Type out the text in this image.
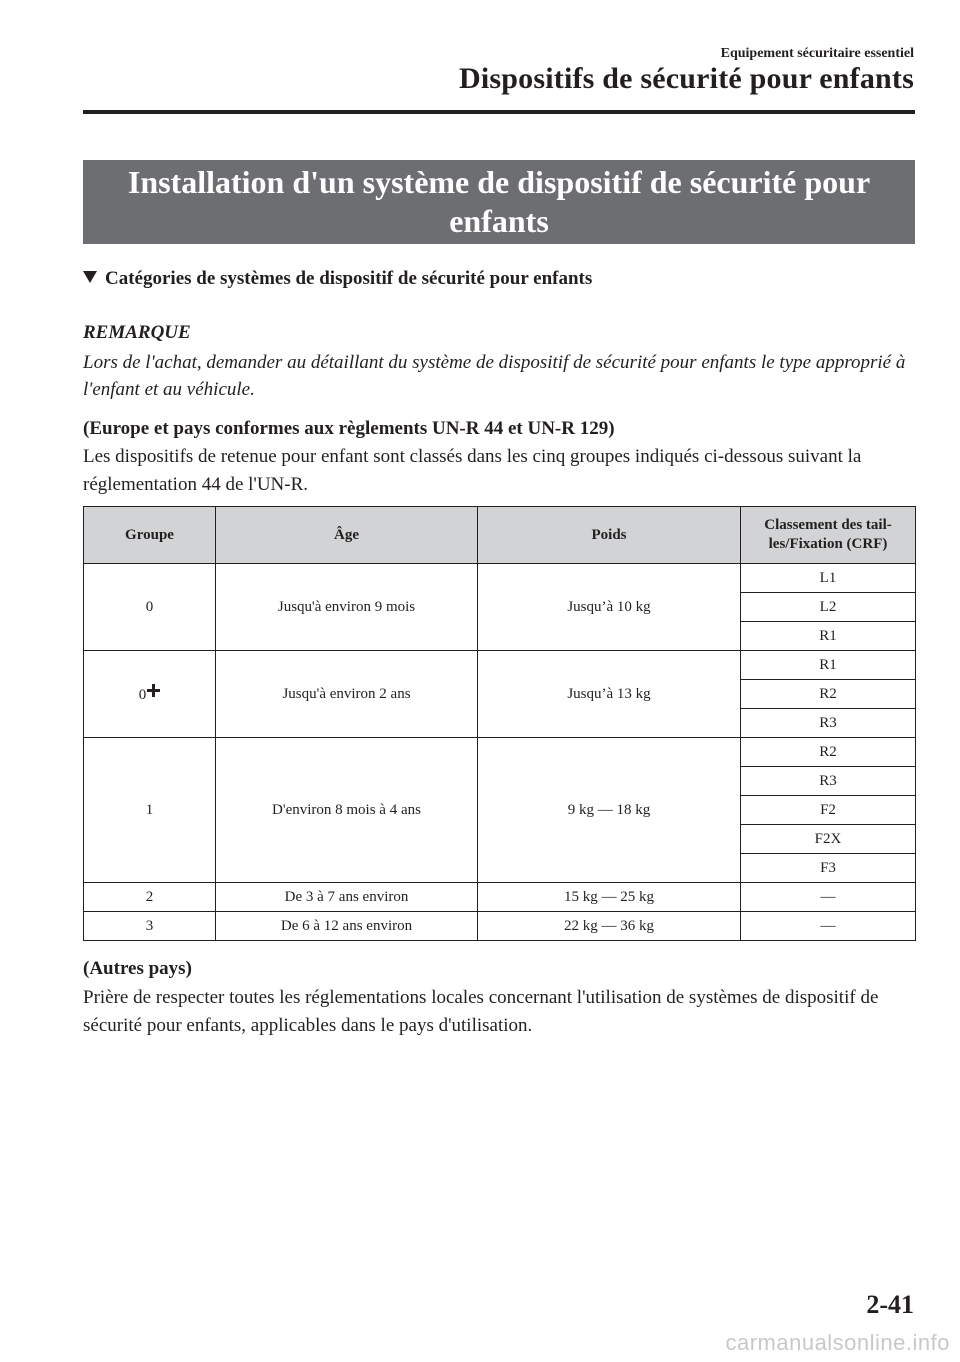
Equipement sécuritaire essentiel
Dispositifs de sécurité pour enfants
Installation d'un système de dispositif de sécurité pour enfants
Catégories de systèmes de dispositif de sécurité pour enfants
REMARQUE
Lors de l'achat, demander au détaillant du système de dispositif de sécurité pour enfants le type approprié à l'enfant et au véhicule.
(Europe et pays conformes aux règlements UN-R 44 et UN-R 129)
Les dispositifs de retenue pour enfant sont classés dans les cinq groupes indiqués ci-dessous suivant la réglementation 44 de l'UN-R.
Groupe	Âge	Poids	Classement des tail-les/Fixation (CRF)
0	Jusqu'à environ 9 mois	Jusqu’à 10 kg	L1
			L2
			R1
0	Jusqu'à environ 2 ans	Jusqu’à 13 kg	R1
			R2
			R3
1	D'environ 8 mois à 4 ans	9 kg ― 18 kg	R2
			R3
			F2
			F2X
			F3
2	De 3 à 7 ans environ	15 kg ― 25 kg	―
3	De 6 à 12 ans environ	22 kg ― 36 kg	―
(Autres pays)
Prière de respecter toutes les réglementations locales concernant l'utilisation de systèmes de dispositif de sécurité pour enfants, applicables dans le pays d'utilisation.
2-41
carmanualsonline.info
